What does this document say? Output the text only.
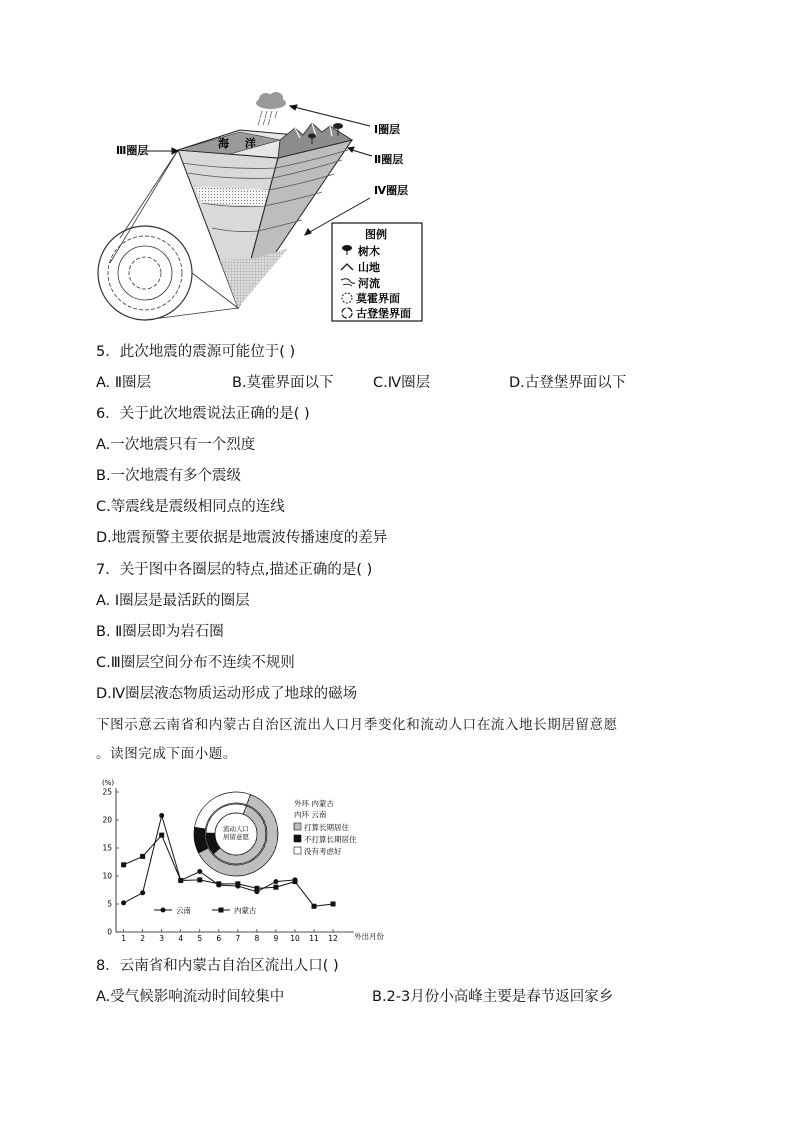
Ⅰ圈层
Ⅱ圈层
Ⅲ圈层
Ⅳ圈层
海 洋
图例
树木
山地
河流
莫霍界面
古登堡界面
5．此次地震的震源可能位于( )
A. Ⅱ圈层	B.莫霍界面以下	C.Ⅳ圈层	D.古登堡界面以下
6．关于此次地震说法正确的是( )
A.一次地震只有一个烈度
B.一次地震有多个震级
C.等震线是震级相同点的连线
D.地震预警主要依据是地震波传播速度的差异
7．关于图中各圈层的特点,描述正确的是( )
A. Ⅰ圈层是最活跃的圈层
B. Ⅱ圈层即为岩石圈
C.Ⅲ圈层空间分布不连续不规则
D.Ⅳ圈层液态物质运动形成了地球的磁场
下图示意云南省和内蒙古自治区流出人口月季变化和流动人口在流入地长期居留意愿
。读图完成下面小题。
(%)
0
5
10
15
20
25
1 2 3 4 5 6 7 8 9 10 11 12 外出月份
云南	内蒙古
流动人口
居留意愿
外环 内蒙古
内环 云南
打算长期居住
不打算长期居住
没有考虑好
8．云南省和内蒙古自治区流出人口( )
A.受气候影响流动时间较集中	B.2-3月份小高峰主要是春节返回家乡
